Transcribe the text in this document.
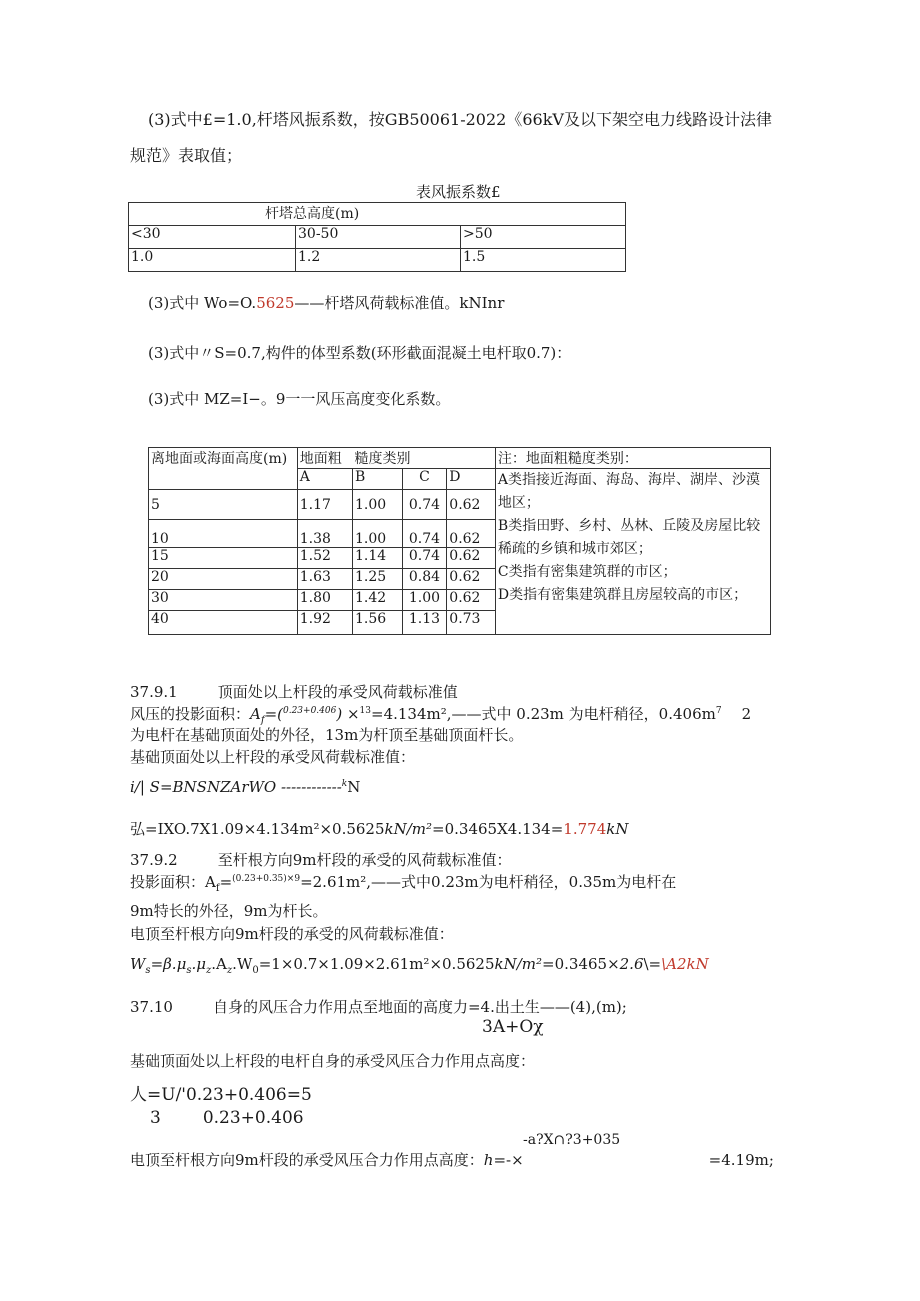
(3)式中£=1.0,杆塔风振系数，按GB50061-2022《66kV及以下架空电力线路设计法律
规范》表取值；
表风振系数£
杆塔总高度(m)		
<30	30-50	>50
1.0	1.2	1.5
(3)式中 Wo=O.5625——杆塔风荷载标准值。kNInr
(3)式中〃S=0.7,构件的体型系数(环形截面混凝土电杆取0.7)：
(3)式中 MZ=I−。9一一风压高度变化系数。
离地面或海面高度(m)	地面粗	糙度类别			注：地面粗糙度类别：
	A	B	C	D	A类指接近海面、海岛、海岸、湖岸、沙漠地区；
B类指田野、乡村、丛林、丘陵及房屋比较稀疏的乡镇和城市郊区；
C类指有密集建筑群的市区；
D类指有密集建筑群且房屋较高的市区；

5	1.17	1.00	0.74	0.62	
10	1.38	1.00	0.74	0.62	
15	1.52	1.14	0.74	0.62	
20	1.63	1.25	0.84	0.62	
30	1.80	1.42	1.00	0.62	
40	1.92	1.56	1.13	0.73	
37.9.1	顶面处以上杆段的承受风荷载标准值
风压的投影面积：$A_f=(^{0.23+0.406})$ ×$^{13}$=4.134m²,——式中 0.23m 为电杆稍径，$0.406m^7$ 2
为电杆在基础顶面处的外径，13m为杆顶至基础顶面杆长。
基础顶面处以上杆段的承受风荷载标准值：
i/| S=BNSNZArWO ------------$^k$N
弘=IXO.7X1.09×4.134m²×0.5625kN/m²=0.3465X4.134=1.774kN
37.9.2	至杆根方向9m杆段的承受的风荷载标准值：
投影面积：$A_f=^{(0.23+0.35)\times 9}=2.61m^2,——$式中0.23m为电杆稍径，0.35m为电杆在
9m特长的外径，9m为杆长。
电顶至杆根方向9m杆段的承受的风荷载标准值：
$W_s=\beta.\mu_s.\mu_z.A_z.W_0=1\times 0.7\times 1.09\times 2.61m^2\times 0.5625kN/m^2=0.3465\times 2.6\backslash=\backslash A2kN$
37.10	自身的风压合力作用点至地面的高度力=4.出土生——(4),(m);
3A+Oχ
基础顶面处以上杆段的电杆自身的承受风压合力作用点高度：
人=U/'0.23+0.406=5
3 0.23+0.406
-a?X∩?3+035
电顶至杆根方向9m杆段的承受风压合力作用点高度：h=-×	=4.19m;
